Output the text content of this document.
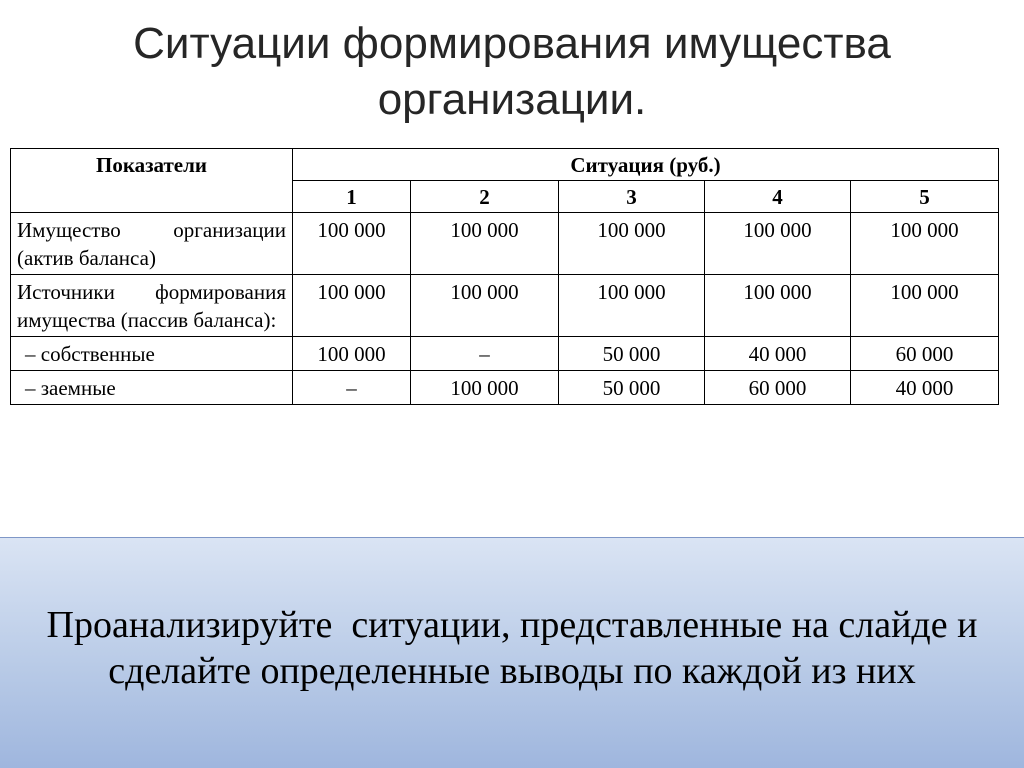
Ситуации формирования имущества организации.
Показатели	Ситуация (руб.)				
	1	2	3	4	5
Имущество организации (актив баланса)	100 000	100 000	100 000	100 000	100 000
Источники формирования имущества (пассив баланса):	100 000	100 000	100 000	100 000	100 000
– собственные	100 000	–	50 000	40 000	60 000
– заемные	–	100 000	50 000	60 000	40 000

Проанализируйте  ситуации, представленные на слайде и   сделайте определенные выводы по каждой из них
